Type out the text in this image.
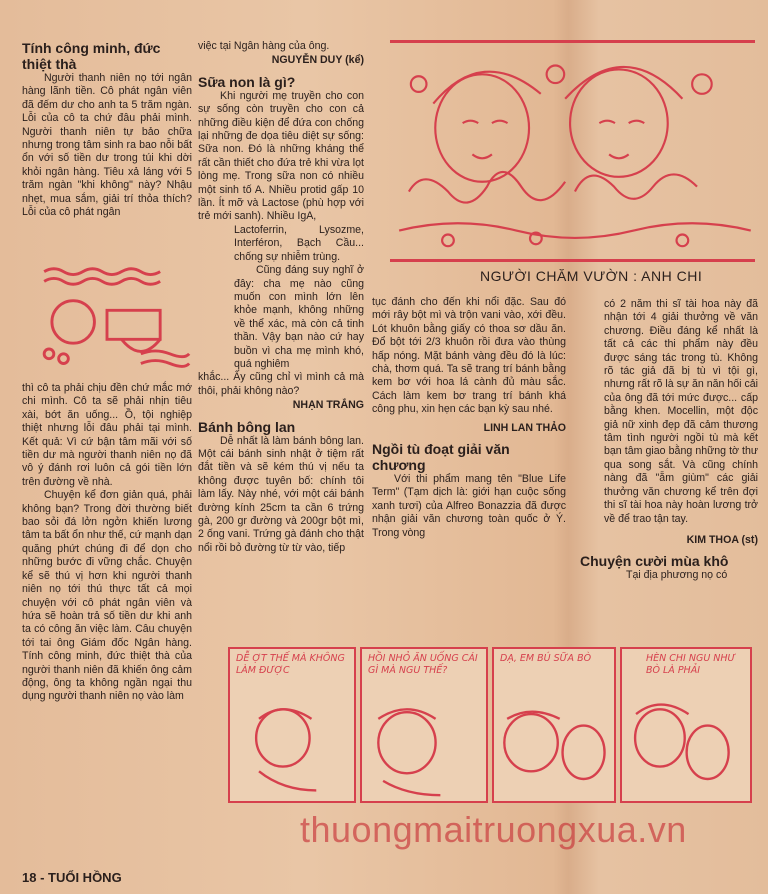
Tính công minh, đức thiệt thà

Người thanh niên nọ tới ngân hàng lãnh tiền. Cô phát ngân viên đã đếm dư cho anh ta 5 trăm ngàn. Lỗi của cô ta chứ đâu phải mình. Người thanh niên tự bảo chữa nhưng trong tâm sinh ra bao nỗi bất ổn với số tiền dư trong túi khi dời khỏi ngân hàng. Tiêu xả láng với 5 trăm ngàn "khi không" này? Nhậu nhẹt, mua sắm, giải trí thỏa thích? Lỗi của cô phát ngân

thì cô ta phải chịu đền chứ mắc mớ chi mình. Cô ta sẽ phải nhịn tiêu xài, bớt ăn uống... Ồ, tội nghiệp thiệt nhưng lỗi đâu phải tại mình. Kết quả: Vì cứ bận tâm mãi với số tiền dư mà người thanh niên nọ đã vô ý đánh rơi luôn cả gói tiền lớn trên đường về nhà.

Chuyện kể đơn giản quá, phải không bạn? Trong đời thường biết bao sỏi đá lởn ngởn khiến lương tâm ta bất ổn như thế, cứ mạnh dạn quăng phứt chúng đi để dọn cho những bước đi vững chắc. Chuyện kể sẽ thú vị hơn khi người thanh niên nọ tới thú thực tất cả mọi chuyện với cô phát ngân viên và hứa sẽ hoàn trả số tiền dư khi anh ta có công ăn việc làm. Câu chuyện tới tai ông Giám đốc Ngân hàng. Tính công minh, đức thiệt thà của người thanh niên đã khiến ông cảm động, ông ta không ngần ngại thu dụng người thanh niên nọ vào làm

việc tại Ngân hàng của ông.

NGUYỄN DUY (kể)
Sữa non là gì?

Khi người mẹ truyền cho con sự sống còn truyền cho con cả những điều kiện để đứa con chống lại những đe dọa tiêu diệt sự sống: Sữa non. Đó là những kháng thể rất cần thiết cho đứa trẻ khi vừa lọt lòng mẹ. Trong sữa non có nhiều một sinh tố A. Nhiều protid gấp 10 lần. Ít mỡ và Lactose (phù hợp với trẻ mới sanh). Nhiều IgA,

Lactoferrin, Lysozme, Interféron, Bạch Cầu... chống sự nhiễm trùng.

Cũng đáng suy nghĩ ở đây: cha mẹ nào cũng muốn con mình lớn lên khỏe mạnh, không những về thể xác, mà còn cả tinh thần. Vậy bạn nào cứ hay buồn vì cha mẹ mình khó, quá nghiêm

khắc... Ấy cũng chỉ vì mình cả mà thôi, phải không nào?

NHẠN TRẮNG
Bánh bông lan

Dễ nhất là làm bánh bông lan. Một cái bánh sinh nhật ở tiệm rất đắt tiền và sẽ kém thú vị nếu ta không được tuyên bố: chính tôi làm lấy. Này nhé, với một cái bánh đường kính 25cm ta cần 6 trứng gà, 200 gr đường và 200gr bột mì, 2 ống vani. Trứng gà đánh cho thật nổi rồi bỏ đường từ từ vào, tiếp

NGƯỜI CHĂM VƯỜN : ANH CHI

tục đánh cho đến khi nổi đặc. Sau đó mới rây bột mì và trộn vani vào, xới đều. Lót khuôn bằng giấy có thoa sơ dầu ăn. Đổ bột tới 2/3 khuôn rồi đưa vào thùng hấp nóng. Mặt bánh vàng đều đó là lúc: chà, thơm quá. Ta sẽ trang trí bánh bằng kem bơ với hoa lá cành đủ màu sắc. Cách làm kem bơ trang trí bánh khá công phu, xin hẹn các bạn kỳ sau nhé.

LINH LAN THẢO
Ngồi tù đoạt giải văn chương

Với thi phẩm mang tên "Blue Life Term" (Tạm dịch là: giới hạn cuộc sống xanh tươi) của Alfreo Bonazzia đã được nhận giải văn chương toàn quốc ở Ý. Trong vòng

có 2 năm thi sĩ tài hoa này đã nhận tới 4 giải thưởng về văn chương. Điều đáng kể nhất là tất cả các thi phẩm này đều được sáng tác trong tù. Không rõ tác giả đã bị tù vì tội gì, nhưng rất rõ là sự ăn năn hối cải của ông đã tới mức được... cấp bằng khen. Mocellin, một độc giả nữ xinh đẹp đã cảm thương tâm tình người ngồi tù mà kết bạn tâm giao bằng những tờ thư qua song sắt. Và cũng chính nàng đã "ẵm giùm" các giải thưởng văn chương kể trên đợi thi sĩ tài hoa này hoàn lương trở về để trao tận tay.

KIM THOA (st)
Chuyện cười mùa khô

Tại địa phương nọ có

DỄ ỢT THẾ MÀ KHÔNG LÀM ĐƯỢC
HỒI NHỎ ĂN UỐNG CÁI GÌ MÀ NGU THẾ?
DẠ, EM BÚ SỮA BÒ	HÈN CHI NGU NHƯ BÒ LÀ PHẢI
thuongmaitruongxua.vn
18 - TUỔI HỒNG
